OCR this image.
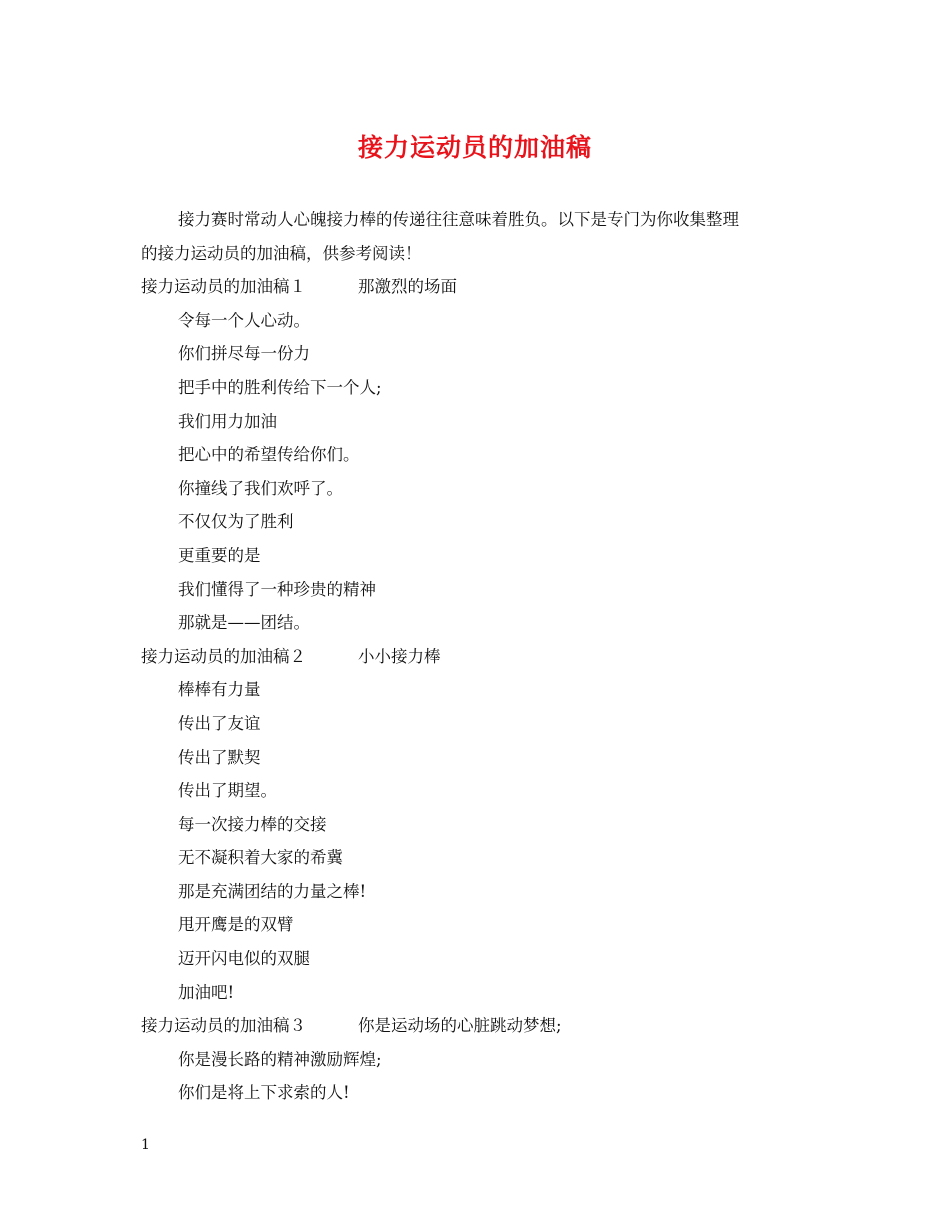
接力运动员的加油稿
接力赛时常动人心魄接力棒的传递往往意味着胜负。以下是专门为你收集整理
的接力运动员的加油稿，供参考阅读！
接力运动员的加油稿１	那激烈的场面
令每一个人心动。
你们拼尽每一份力
把手中的胜利传给下一个人;
我们用力加油
把心中的希望传给你们。
你撞线了我们欢呼了。
不仅仅为了胜利
更重要的是
我们懂得了一种珍贵的精神
那就是——团结。
接力运动员的加油稿２	小小接力棒
棒棒有力量
传出了友谊
传出了默契
传出了期望。
每一次接力棒的交接
无不凝积着大家的希冀
那是充满团结的力量之棒!
甩开鹰是的双臂
迈开闪电似的双腿
加油吧!
接力运动员的加油稿３	你是运动场的心脏跳动梦想;
你是漫长路的精神激励辉煌;
你们是将上下求索的人!
1
